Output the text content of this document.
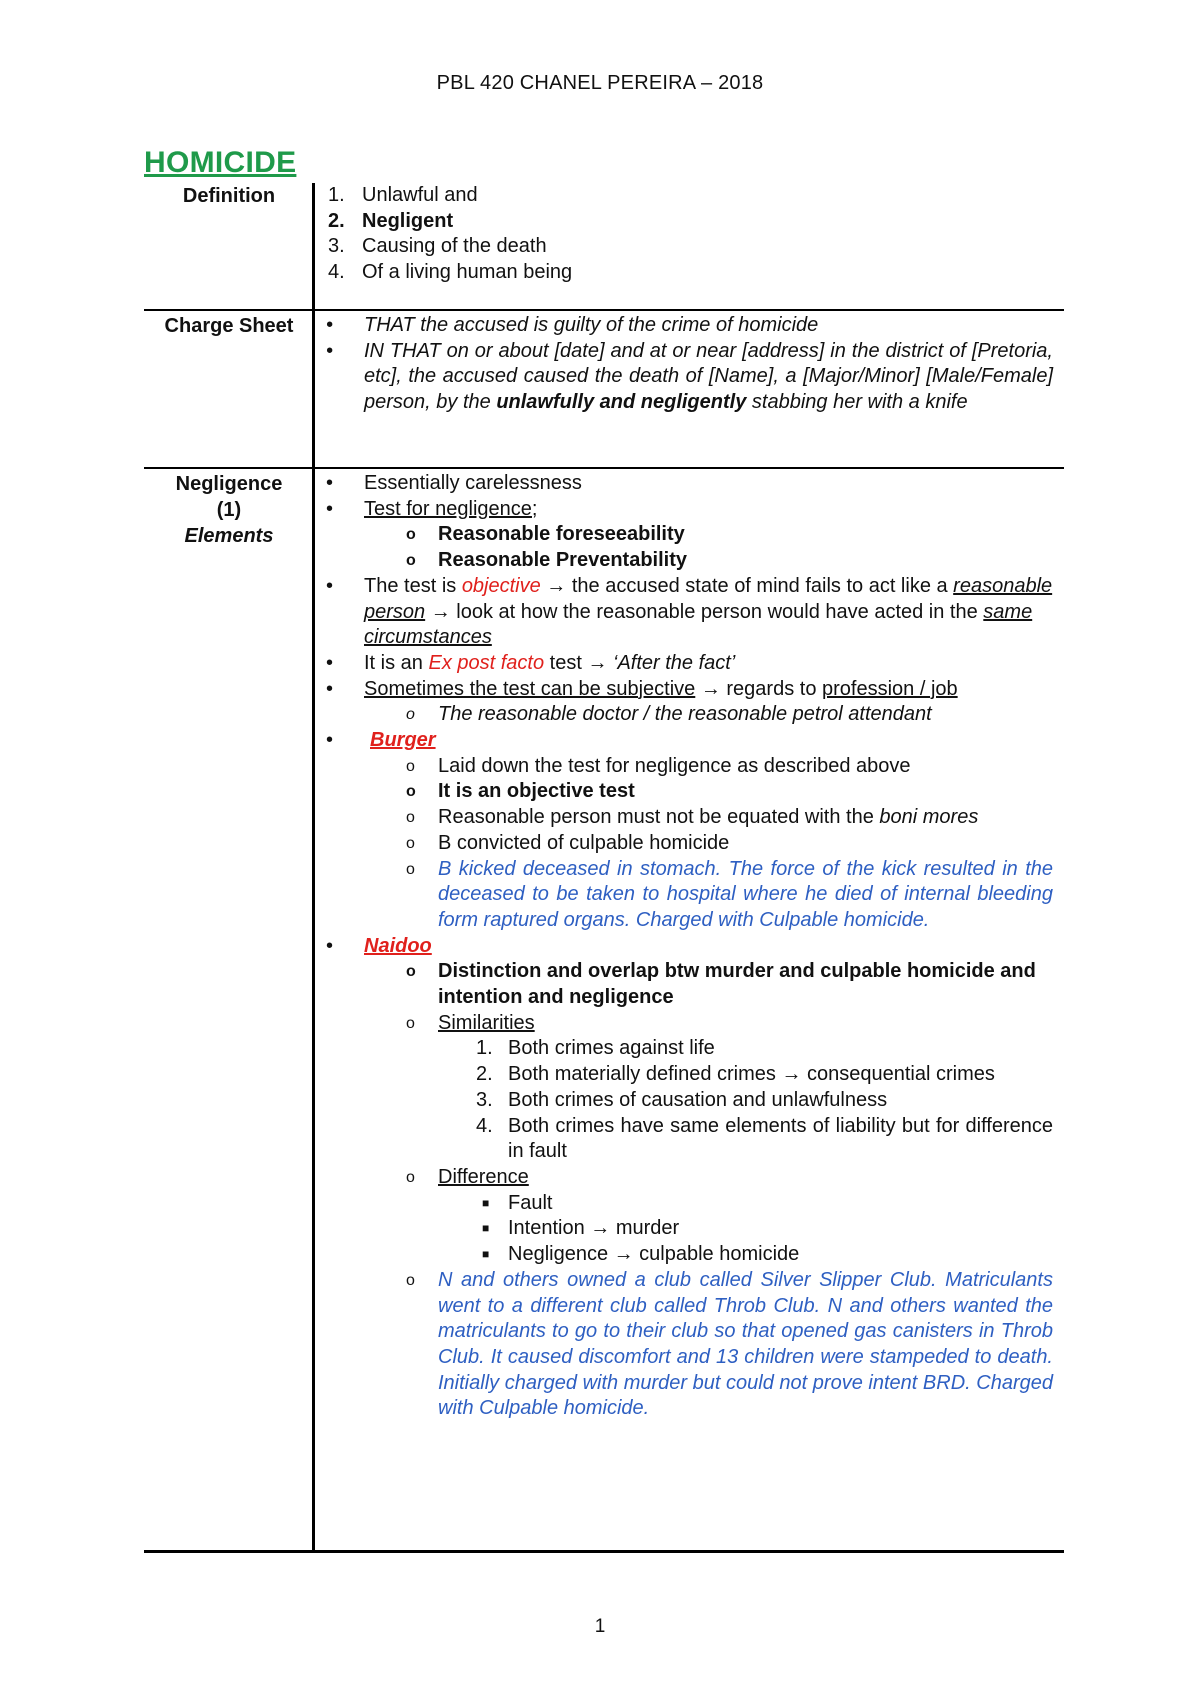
PBL 420 CHANEL PEREIRA – 2018
HOMICIDE
Definition	1. Unlawful and
2. Negligent
3. Causing of the death
4. Of a living human being
Charge Sheet	•	THAT the accused is guilty of the crime of homicide
•	IN THAT on or about [date] and at or near [address] in the district of [Pretoria, etc], the accused caused the death of [Name], a [Major/Minor] [Male/Female] person, by the unlawfully and negligently stabbing her with a knife
Negligence
(1)
Elements
•	Essentially carelessness
•	Test for negligence;
o	Reasonable foreseeability
o	Reasonable Preventability
•	The test is objective → the accused state of mind fails to act like a reasonable person → look at how the reasonable person would have acted in the same circumstances
•	It is an Ex post facto test → ‘After the fact’
•	Sometimes the test can be subjective → regards to profession / job
o	The reasonable doctor / the reasonable petrol attendant
•	Burger
o	Laid down the test for negligence as described above
o	It is an objective test
o	Reasonable person must not be equated with the boni mores
o	B convicted of culpable homicide
o	B kicked deceased in stomach. The force of the kick resulted in the deceased to be taken to hospital where he died of internal bleeding form raptured organs. Charged with Culpable homicide.
•	Naidoo
o	Distinction and overlap btw murder and culpable homicide and intention and negligence
o	Similarities
1. Both crimes against life
2. Both materially defined crimes → consequential crimes
3. Both crimes of causation and unlawfulness
4. Both crimes have same elements of liability but for difference in fault
o	Difference
■ Fault
■ Intention → murder
■ Negligence → culpable homicide
o	N and others owned a club called Silver Slipper Club. Matriculants went to a different club called Throb Club. N and others wanted the matriculants to go to their club so that opened gas canisters in Throb Club. It caused discomfort and 13 children were stampeded to death. Initially charged with murder but could not prove intent BRD. Charged with Culpable homicide.
1
